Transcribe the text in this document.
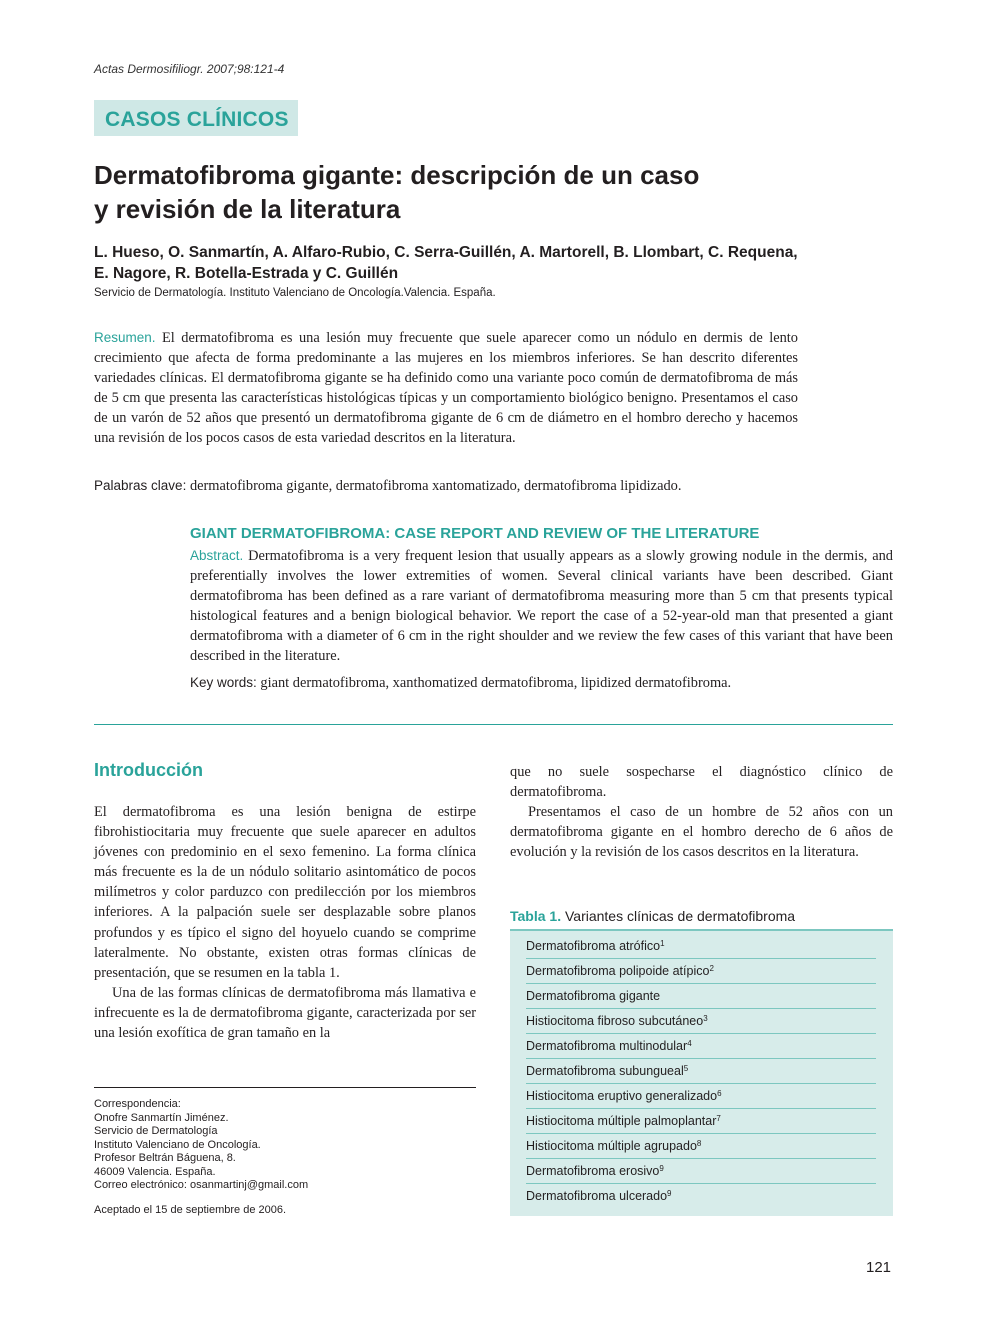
Actas Dermosifiliogr. 2007;98:121-4
CASOS CLÍNICOS
Dermatofibroma gigante: descripción de un caso
y revisión de la literatura
L. Hueso, O. Sanmartín, A. Alfaro-Rubio, C. Serra-Guillén, A. Martorell, B. Llombart, C. Requena,
E. Nagore, R. Botella-Estrada y C. Guillén
Servicio de Dermatología. Instituto Valenciano de Oncología.Valencia. España.
Resumen. El dermatofibroma es una lesión muy frecuente que suele aparecer como un nódulo en dermis de lento crecimiento que afecta de forma predominante a las mujeres en los miembros inferiores. Se han descrito diferentes variedades clínicas. El dermatofibroma gigante se ha definido como una variante poco común de dermatofibroma de más de 5 cm que presenta las características histológicas típicas y un comportamiento biológico benigno. Presentamos el caso de un varón de 52 años que presentó un dermatofibroma gigante de 6 cm de diámetro en el hombro derecho y hacemos una revisión de los pocos casos de esta variedad descritos en la literatura.
Palabras clave: dermatofibroma gigante, dermatofibroma xantomatizado, dermatofibroma lipidizado.
GIANT DERMATOFIBROMA: CASE REPORT AND REVIEW OF THE LITERATURE
Abstract. Dermatofibroma is a very frequent lesion that usually appears as a slowly growing nodule in the dermis, and preferentially involves the lower extremities of women. Several clinical variants have been described. Giant dermatofibroma has been defined as a rare variant of dermatofibroma measuring more than 5 cm that presents typical histological features and a benign biological behavior. We report the case of a 52-year-old man that presented a giant dermatofibroma with a diameter of 6 cm in the right shoulder and we review the few cases of this variant that have been described in the literature.
Key words: giant dermatofibroma, xanthomatized dermatofibroma, lipidized dermatofibroma.
Introducción

El dermatofibroma es una lesión benigna de estirpe fibrohistiocitaria muy frecuente que suele aparecer en adultos jóvenes con predominio en el sexo femenino. La forma clínica más frecuente es la de un nódulo solitario asintomático de pocos milímetros y color parduzco con predilección por los miembros inferiores. A la palpación suele ser desplazable sobre planos profundos y es típico el signo del hoyuelo cuando se comprime lateralmente. No obstante, existen otras formas clínicas de presentación, que se resumen en la tabla 1.

Una de las formas clínicas de dermatofibroma más llamativa e infrecuente es la de dermatofibroma gigante, caracterizada por ser una lesión exofítica de gran tamaño en la

que no suele sospecharse el diagnóstico clínico de dermatofibroma.

Presentamos el caso de un hombre de 52 años con un dermatofibroma gigante en el hombro derecho de 6 años de evolución y la revisión de los casos descritos en la literatura.

Correspondencia:
Onofre Sanmartín Jiménez.
Servicio de Dermatología
Instituto Valenciano de Oncología.
Profesor Beltrán Báguena, 8.
46009 Valencia. España.
Correo electrónico: osanmartinj@gmail.com
Aceptado el 15 de septiembre de 2006.
Tabla 1. Variantes clínicas de dermatofibroma
Dermatofibroma atrófico$^1$
Dermatofibroma polipoide atípico$^2$
Dermatofibroma gigante
Histiocitoma fibroso subcutáneo$^3$
Dermatofibroma multinodular$^4$
Dermatofibroma subungueal$^5$
Histiocitoma eruptivo generalizado$^6$
Histiocitoma múltiple palmoplantar$^7$
Histiocitoma múltiple agrupado$^8$
Dermatofibroma erosivo$^9$
Dermatofibroma ulcerado$^9$
121
